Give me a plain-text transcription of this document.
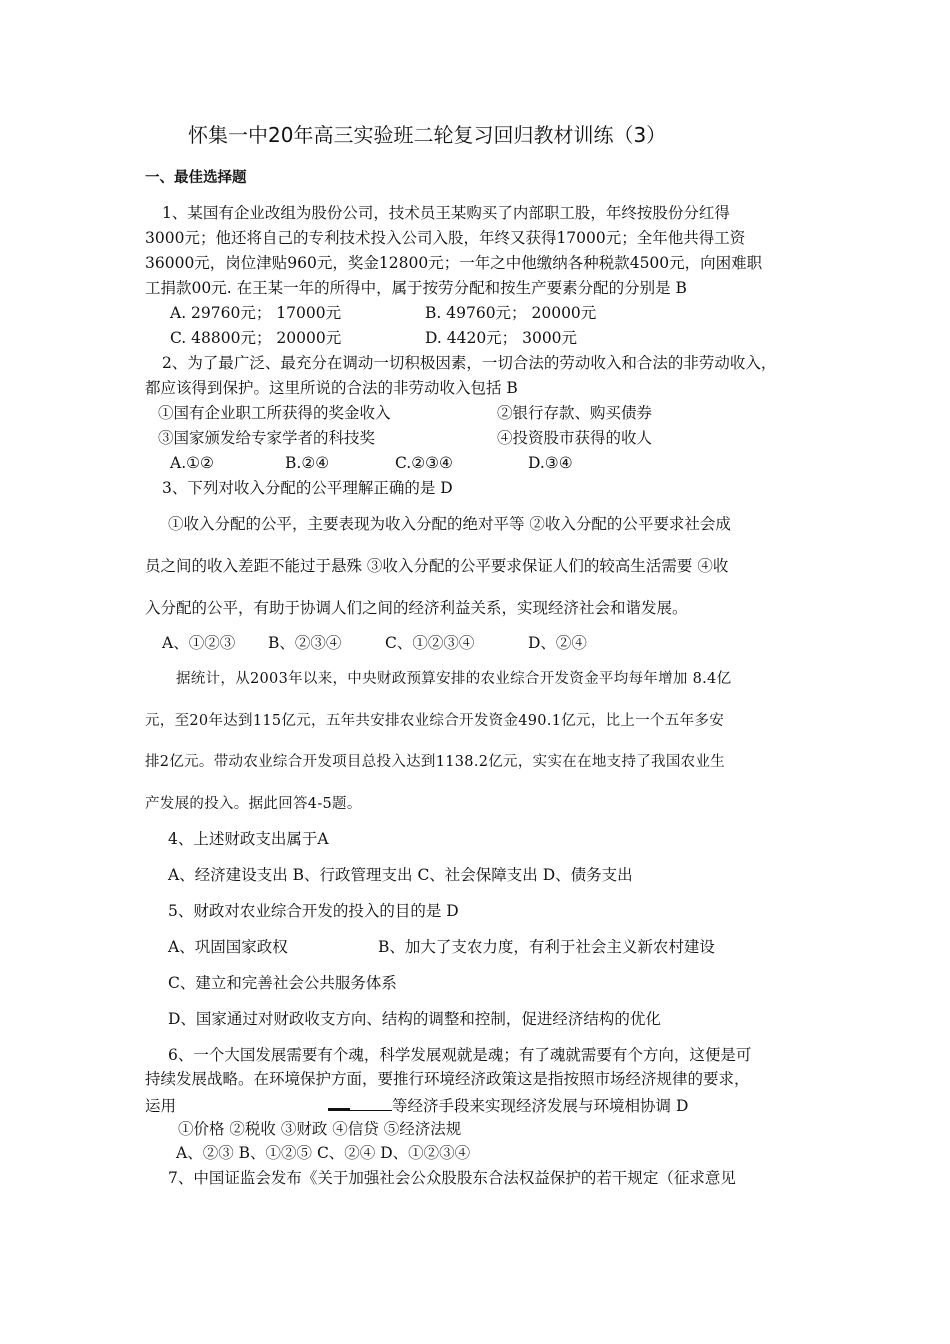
怀集一中20年高三实验班二轮复习回归教材训练（3）
一、最佳选择题
1、某国有企业改组为股份公司，技术员王某购买了内部职工股，年终按股份分红得
3000元；他还将自己的专利技术投入公司入股，年终又获得17000元；全年他共得工资
36000元，岗位津贴960元，奖金12800元；一年之中他缴纳各种税款4500元，向困难职
工捐款00元. 在王某一年的所得中，属于按劳分配和按生产要素分配的分别是 B
A. 29760元； 17000元	B. 49760元； 20000元
C. 48800元； 20000元	D. 4420元； 3000元
2、为了最广泛、最充分在调动一切积极因素，一切合法的劳动收入和合法的非劳动收入，
都应该得到保护。这里所说的合法的非劳动收入包括 B
①国有企业职工所获得的奖金收入	②银行存款、购买债券
③国家颁发给专家学者的科技奖	④投资股市获得的收人
A.①②	B.②④	C.②③④	D.③④
3、下列对收入分配的公平理解正确的是 D
①收入分配的公平，主要表现为收入分配的绝对平等 ②收入分配的公平要求社会成
员之间的收入差距不能过于悬殊 ③收入分配的公平要求保证人们的较高生活需要 ④收
入分配的公平，有助于协调人们之间的经济利益关系，实现经济社会和谐发展。
A、①②③ B、②③④	C、①②③④	D、②④
据统计，从2003年以来，中央财政预算安排的农业综合开发资金平均每年增加 8.4亿
元，至20年达到115亿元，五年共安排农业综合开发资金490.1亿元，比上一个五年多安
排2亿元。带动农业综合开发项目总投入达到1138.2亿元，实实在在地支持了我国农业生
产发展的投入。据此回答4-5题。
4、上述财政支出属于A
A、经济建设支出 B、行政管理支出 C、社会保障支出 D、债务支出
5、财政对农业综合开发的投入的目的是 D
A、巩固国家政权	B、加大了支农力度，有利于社会主义新农村建设
C、建立和完善社会公共服务体系
D、国家通过对财政收支方向、结构的调整和控制，促进经济结构的优化
6、一个大国发展需要有个魂，科学发展观就是魂；有了魂就需要有个方向，这便是可
持续发展战略。在环境保护方面，要推行环境经济政策这是指按照市场经济规律的要求，
运用	等经济手段来实现经济发展与环境相协调 D
①价格 ②税收 ③财政 ④信贷 ⑤经济法规
A、②③ B、①②⑤ C、②④ D、①②③④
7、中国证监会发布《关于加强社会公众股股东合法权益保护的若干规定（征求意见
